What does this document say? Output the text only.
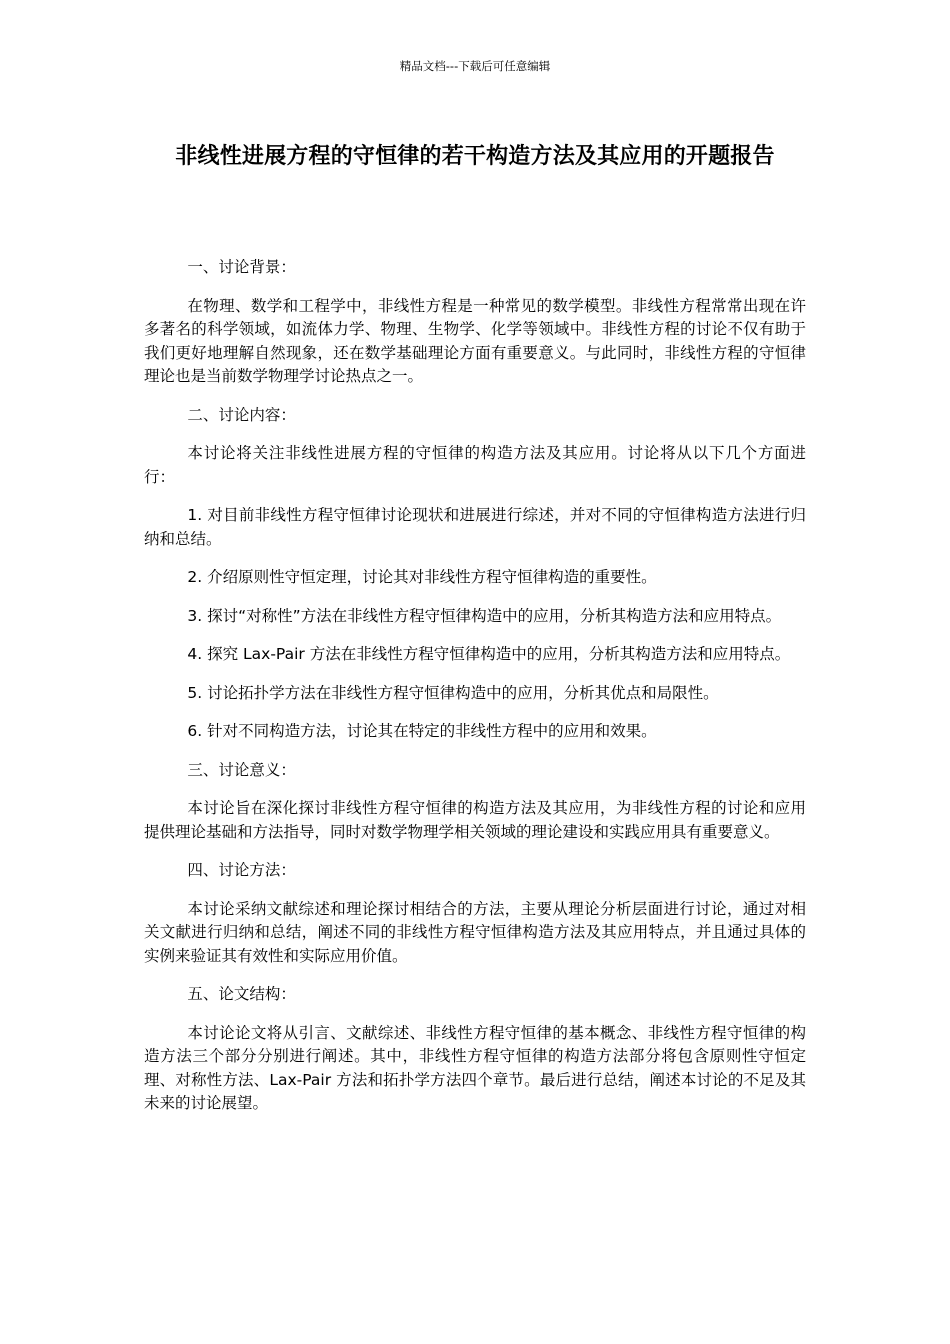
精品文档---下载后可任意编辑
非线性进展方程的守恒律的若干构造方法及其应用的开题报告

一、讨论背景：

在物理、数学和工程学中，非线性方程是一种常见的数学模型。非线性方程常常出现在许多著名的科学领域，如流体力学、物理、生物学、化学等领域中。非线性方程的讨论不仅有助于我们更好地理解自然现象，还在数学基础理论方面有重要意义。与此同时，非线性方程的守恒律理论也是当前数学物理学讨论热点之一。

二、讨论内容：

本讨论将关注非线性进展方程的守恒律的构造方法及其应用。讨论将从以下几个方面进行：

1. 对目前非线性方程守恒律讨论现状和进展进行综述，并对不同的守恒律构造方法进行归纳和总结。

2. 介绍原则性守恒定理，讨论其对非线性方程守恒律构造的重要性。

3. 探讨“对称性”方法在非线性方程守恒律构造中的应用，分析其构造方法和应用特点。

4. 探究 Lax-Pair 方法在非线性方程守恒律构造中的应用，分析其构造方法和应用特点。

5. 讨论拓扑学方法在非线性方程守恒律构造中的应用，分析其优点和局限性。

6. 针对不同构造方法，讨论其在特定的非线性方程中的应用和效果。

三、讨论意义：

本讨论旨在深化探讨非线性方程守恒律的构造方法及其应用，为非线性方程的讨论和应用提供理论基础和方法指导，同时对数学物理学相关领域的理论建设和实践应用具有重要意义。

四、讨论方法：

本讨论采纳文献综述和理论探讨相结合的方法，主要从理论分析层面进行讨论，通过对相关文献进行归纳和总结，阐述不同的非线性方程守恒律构造方法及其应用特点，并且通过具体的实例来验证其有效性和实际应用价值。

五、论文结构：

本讨论论文将从引言、文献综述、非线性方程守恒律的基本概念、非线性方程守恒律的构造方法三个部分分别进行阐述。其中，非线性方程守恒律的构造方法部分将包含原则性守恒定理、对称性方法、Lax-Pair 方法和拓扑学方法四个章节。最后进行总结，阐述本讨论的不足及其未来的讨论展望。
